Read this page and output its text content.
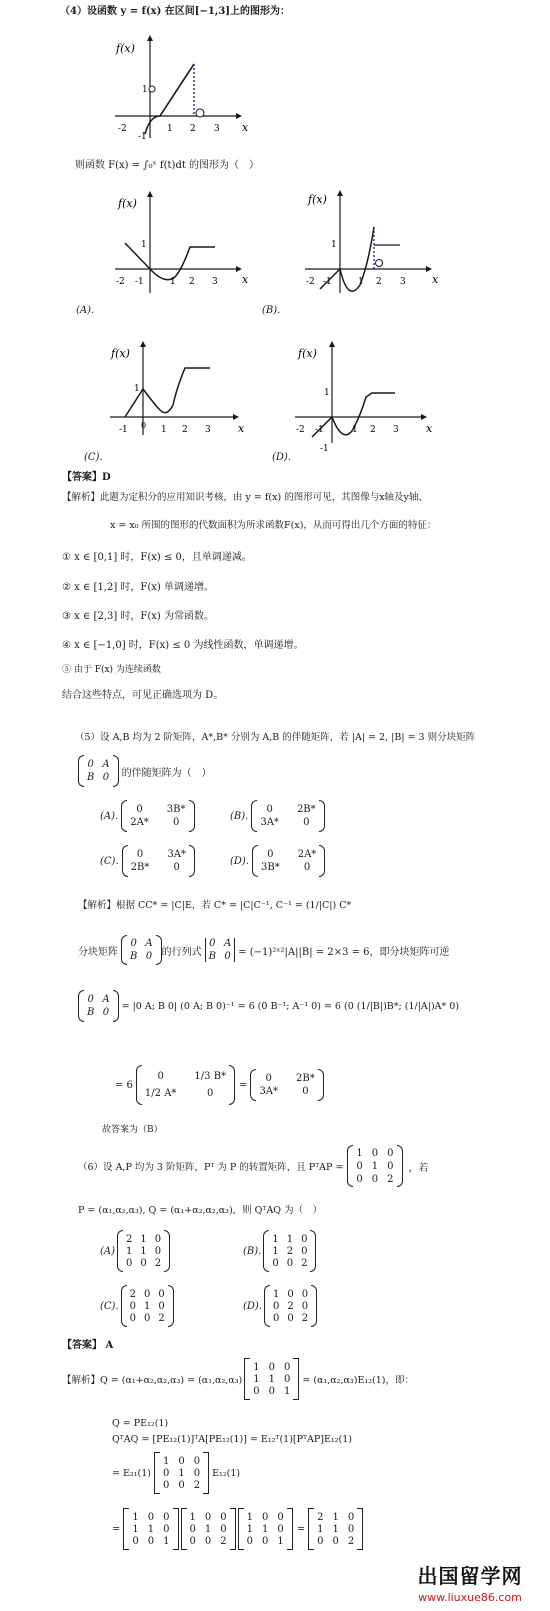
（4）设函数 y = f(x) 在区间[−1,3]上的图形为：
f(x)
x
-2
-1
1 2 3
1
则函数 F(x) = ∫₀ˣ f(t)dt 的图形为（　）
f(x)
x
-2 -1	1 2 3
1
(A).
f(x)
x
-2 -1	1 2 3
1
(B).
f(x)
x
-1 0 1 2 3
1
(C).
f(x)
x
-2 -1	1 2 3
1
-1
(D).
【答案】D
【解析】此题为定积分的应用知识考核，由 y = f(x) 的图形可见，其图像与x轴及y轴、
x = x₀ 所围的图形的代数面积为所求函数F(x)，从而可得出几个方面的特征：
① x ∈ [0,1] 时，F(x) ≤ 0，且单调递减。
② x ∈ [1,2] 时，F(x) 单调递增。
③ x ∈ [2,3] 时，F(x) 为常函数。
④ x ∈ [−1,0] 时，F(x) ≤ 0 为线性函数，单调递增。
⑤ 由于 F(x) 为连续函数
结合这些特点，可见正确选项为 D。
（5）设 A,B 均为 2 阶矩阵，A*,B* 分别为 A,B 的伴随矩阵，若 |A| = 2, |B| = 3 则分块矩阵
0 A
B 0 的伴随矩阵为（　）
(A).
0	3B*
2A*	0
(B).
0	2B*
3A*	0
(C).
0	3A*
2B*	0
(D).
0	2A*
3B*	0
【解析】根据 CC* = |C|E，若 C* = |C|C⁻¹, C⁻¹ = (1/|C|) C*
分块矩阵
0 A
B 0 的行列式
0 A
B 0 = (−1)²ˣ²|A||B| = 2×3 = 6，即分块矩阵可逆
0 A
B 0
= |0 A; B 0| (0 A; B 0)⁻¹ = 6 (0 B⁻¹; A⁻¹ 0) = 6 (0 (1/|B|)B*; (1/|A|)A* 0)
= 6
0	1/3 B*
1/2 A*	0
=
0	2B*
3A*	0
故答案为（B）
（6）设 A,P 均为 3 阶矩阵，Pᵀ 为 P 的转置矩阵，且 PᵀAP =
1 0 0
0 1 0
0 0 2
，若
P = (α₁,α₂,α₃), Q = (α₁+α₂,α₂,α₃)，则 QᵀAQ 为（　）
(A)
2 1 0
1 1 0
0 0 2
(B).
1 1 0
1 2 0
0 0 2
(C).
2 0 0
0 1 0
0 0 2
(D).
1 0 0
0 2 0
0 0 2
【答案】 A
【解析】Q = (α₁+α₂,α₂,α₃) = (α₁,α₂,α₃)
1 0 0
1 1 0
0 0 1
= (α₁,α₂,α₃)E₁₂(1)，即：
Q = PE₁₂(1)
QᵀAQ = [PE₁₂(1)]ᵀA[PE₁₂(1)] = E₁₂ᵀ(1)[PᵀAP]E₁₂(1)
= E₂₁(1)
1 0 0
0 1 0
0 0 2
E₁₂(1)
=
1 0 0
1 1 0
0 0 1
1 0 0
0 1 0
0 0 2
1 0 0
1 1 0
0 0 1
=
2 1 0
1 1 0
0 0 2
出国留学网
www.liuxue86.com
